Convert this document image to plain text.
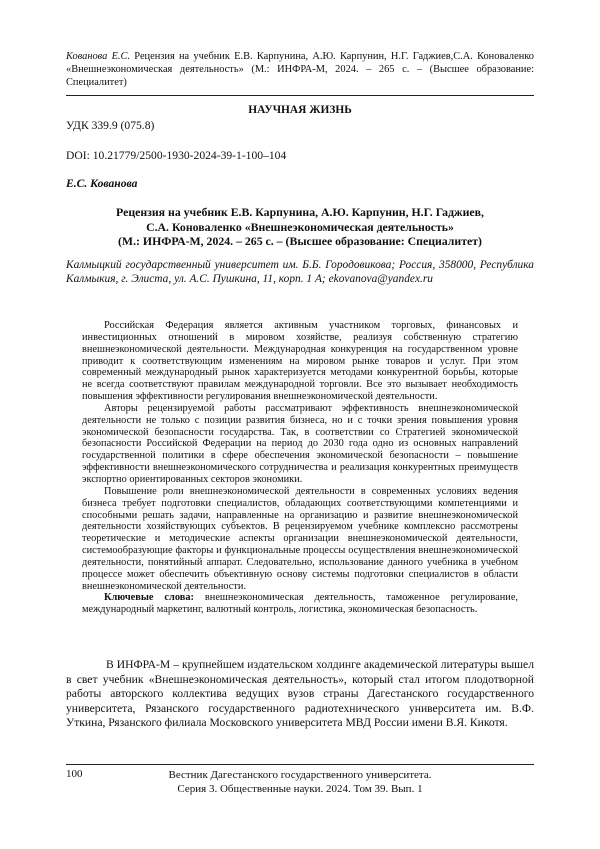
Кованова Е.С. Рецензия на учебник Е.В. Карпунина, А.Ю. Карпунин, Н.Г. Гаджиев,С.А. Коноваленко «Внешнеэкономическая деятельность» (М.: ИНФРА-М, 2024. – 265 с. – (Высшее образование: Специалитет)
НАУЧНАЯ ЖИЗНЬ
УДК 339.9 (075.8)
DOI: 10.21779/2500-1930-2024-39-1-100–104
Е.С. Кованова
Рецензия на учебник Е.В. Карпунина, А.Ю. Карпунин, Н.Г. Гаджиев,
С.А. Коноваленко «Внешнеэкономическая деятельность»
(М.: ИНФРА-М, 2024. – 265 с. – (Высшее образование: Специалитет)
Калмыцкий государственный университет им. Б.Б. Городовикова; Россия, 358000, Республика Калмыкия, г. Элиста, ул. А.С. Пушкина, 11, корп. 1 А; ekovanova@yandex.ru

Российская Федерация является активным участником торговых, финансовых и инвестиционных отношений в мировом хозяйстве, реализуя собственную стратегию внешнеэкономической деятельности. Международная конкуренция на государственном уровне приводит к соответствующим изменениям на мировом рынке товаров и услуг. При этом современный международный рынок характеризуется методами конкурентной борьбы, которые не всегда соответствуют правилам международной торговли. Все это вызывает необходимость повышения эффективности регулирования внешнеэкономической деятельности.

Авторы рецензируемой работы рассматривают эффективность внешнеэкономической деятельности не только с позиции развития бизнеса, но и с точки зрения повышения уровня экономической безопасности государства. Так, в соответствии со Стратегией экономической безопасности Российской Федерации на период до 2030 года одно из основных направлений государственной политики в сфере обеспечения экономической безопасности – повышение эффективности внешнеэкономического сотрудничества и реализация конкурентных преимуществ экспортно ориентированных секторов экономики.

Повышение роли внешнеэкономической деятельности в современных условиях ведения бизнеса требует подготовки специалистов, обладающих соответствующими компетенциями и способными решать задачи, направленные на организацию и развитие внешнеэкономической деятельности хозяйствующих субъектов. В рецензируемом учебнике комплексно рассмотрены теоретические и методические аспекты организации внешнеэкономической деятельности, системообразующие факторы и функциональные процессы осуществления внешнеэкономической деятельности, понятийный аппарат. Следовательно, использование данного учебника в учебном процессе может обеспечить объективную основу системы подготовки специалистов в области внешнеэкономической деятельности.

Ключевые слова: внешнеэкономическая деятельность, таможенное регулирование, международный маркетинг, валютный контроль, логистика, экономическая безопасность.

В ИНФРА-М – крупнейшем издательском холдинге академической литературы вышел в свет учебник «Внешнеэкономическая деятельность», который стал итогом плодотворной работы авторского коллектива ведущих вузов страны Дагестанского государственного университета, Рязанского государственного радиотехнического университета им. В.Ф. Уткина, Рязанского филиала Московского университета МВД России имени В.Я. Кикотя.

100	Вестник Дагестанского государственного университета.
Серия 3. Общественные науки. 2024. Том 39. Вып. 1
